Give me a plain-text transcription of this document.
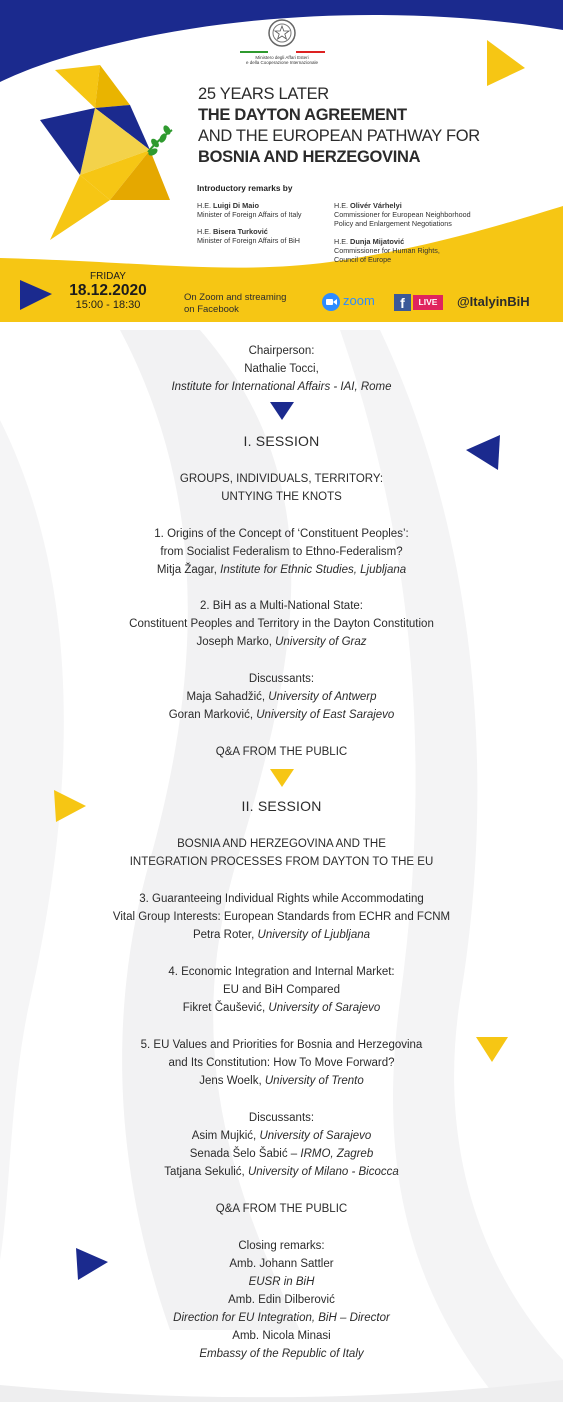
Ministero degli Affari Esteri
e della Cooperazione Internazionale
25 YEARS LATER
THE DAYTON AGREEMENT
AND THE EUROPEAN PATHWAY FOR
BOSNIA AND HERZEGOVINA
Introductory remarks by
H.E. Luigi Di Maio
Minister of Foreign Affairs of Italy
H.E. Bisera Turković
Minister of Foreign Affairs of BiH
H.E. Olivér Várhelyi
Commissioner for European Neighborhood
Policy and Enlargement Negotiations
H.E. Dunja Mijatović
Commissioner for Human Rights,
Council of Europe
FRIDAY
18.12.2020
15:00 - 18:30
On Zoom and streaming
on Facebook
zoom	f	LIVE	@ItalyinBiH
Chairperson:
Nathalie Tocci,
Institute for International Affairs - IAI, Rome
I. SESSION
GROUPS, INDIVIDUALS, TERRITORY:
UNTYING THE KNOTS
1. Origins of the Concept of ‘Constituent Peoples’:
from Socialist Federalism to Ethno-Federalism?
Mitja Žagar, Institute for Ethnic Studies, Ljubljana
2. BiH as a Multi-National State:
Constituent Peoples and Territory in the Dayton Constitution
Joseph Marko, University of Graz
Discussants:
Maja Sahadžić, University of Antwerp
Goran Marković, University of East Sarajevo
Q&A FROM THE PUBLIC
II. SESSION
BOSNIA AND HERZEGOVINA AND THE
INTEGRATION PROCESSES FROM DAYTON TO THE EU
3. Guaranteeing Individual Rights while Accommodating
Vital Group Interests: European Standards from ECHR and FCNM
Petra Roter, University of Ljubljana
4. Economic Integration and Internal Market:
EU and BiH Compared
Fikret Čaušević, University of Sarajevo
5. EU Values and Priorities for Bosnia and Herzegovina
and Its Constitution: How To Move Forward?
Jens Woelk, University of Trento
Discussants:
Asim Mujkić, University of Sarajevo
Senada Šelo Šabić – IRMO, Zagreb
Tatjana Sekulić, University of Milano - Bicocca
Q&A FROM THE PUBLIC
Closing remarks:
Amb. Johann Sattler
EUSR in BiH
Amb. Edin Dilberović
Direction for EU Integration, BiH – Director
Amb. Nicola Minasi
Embassy of the Republic of Italy
